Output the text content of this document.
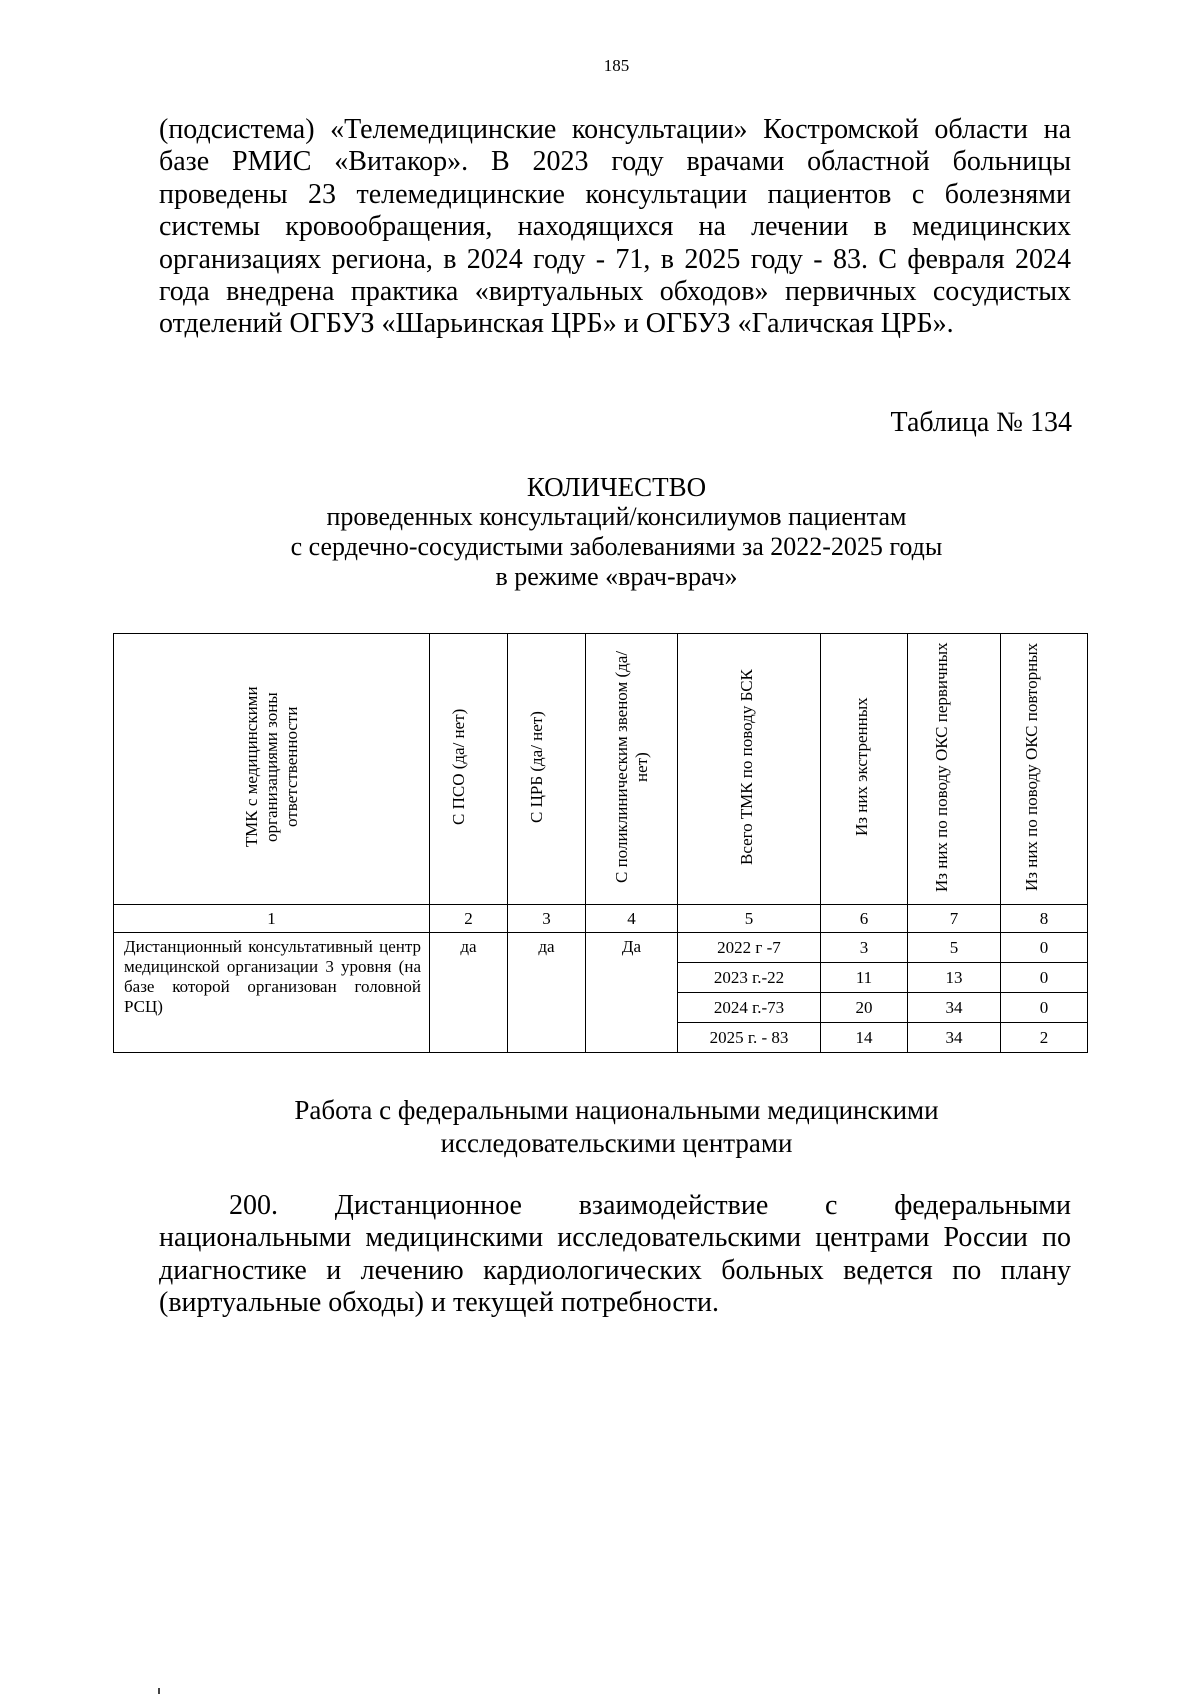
185
(подсистема) «Телемедицинские консультации» Костромской области на базе РМИС «Витакор». В 2023 году врачами областной больницы проведены 23 телемедицинские консультации пациентов с болезнями системы кровообращения, находящихся на лечении в медицинских организациях региона, в 2024 году - 71, в 2025 году - 83. С февраля 2024 года внедрена практика «виртуальных обходов» первичных сосудистых отделений ОГБУЗ «Шарьинская ЦРБ» и ОГБУЗ «Галичская ЦРБ».
Таблица № 134
КОЛИЧЕСТВО
проведенных консультаций/консилиумов пациентам
с сердечно-сосудистыми заболеваниями за 2022-2025 годы
в режиме «врач-врач»
ТМК с медицинскими организациями зоны ответственности	С ПСО (да/ нет)	С ЦРБ (да/ нет)	С поликлиническим звеном (да/ нет)	Всего ТМК по поводу БСК	Из них экстренных	Из них по поводу ОКС первичных	Из них по поводу ОКС повторных
1	2	3	4	5	6	7	8
Дистанционный консультативный центр медицинской организации 3 уровня (на базе которой организован головной РСЦ)	да	да	Да	2022 г -7	3	5	0
				2023 г.-22	11	13	0
				2024 г.-73	20	34	0
				2025 г. - 83	14	34	2
Работа с федеральными национальными медицинскими
исследовательскими центрами
200. Дистанционное взаимодействие с федеральными национальными медицинскими исследовательскими центрами России по диагностике и лечению кардиологических больных ведется по плану (виртуальные обходы) и текущей потребности.
